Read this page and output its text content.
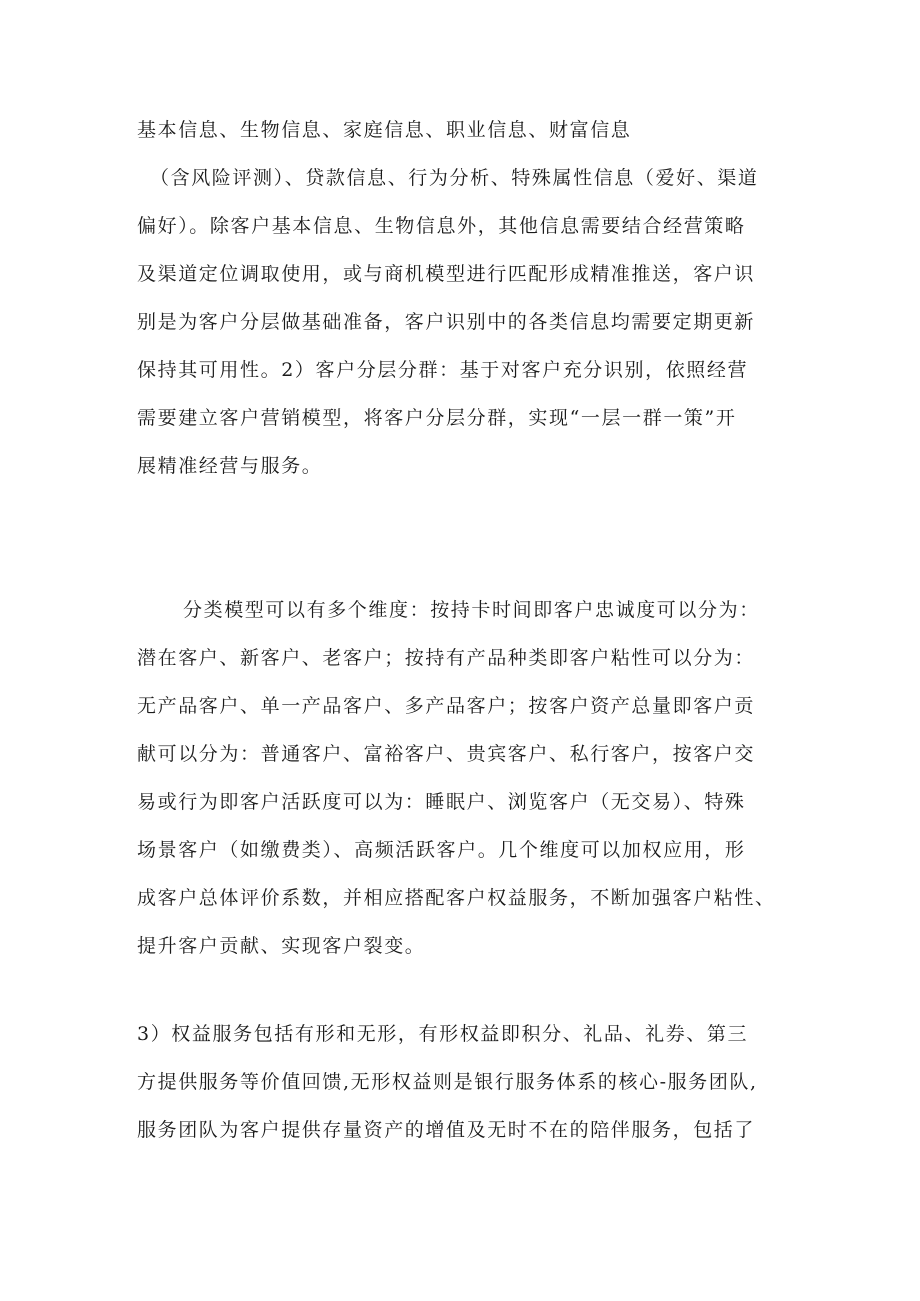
基本信息、生物信息、家庭信息、职业信息、财富信息
（含风险评测）、贷款信息、行为分析、特殊属性信息（爱好、渠道
偏好）。除客户基本信息、生物信息外，其他信息需要结合经营策略
及渠道定位调取使用，或与商机模型进行匹配形成精准推送，客户识
别是为客户分层做基础准备，客户识别中的各类信息均需要定期更新
保持其可用性。2）客户分层分群：基于对客户充分识别，依照经营
需要建立客户营销模型，将客户分层分群，实现“一层一群一策”开
展精准经营与服务。
分类模型可以有多个维度：按持卡时间即客户忠诚度可以分为：
潜在客户、新客户、老客户；按持有产品种类即客户粘性可以分为：
无产品客户、单一产品客户、多产品客户；按客户资产总量即客户贡
献可以分为：普通客户、富裕客户、贵宾客户、私行客户，按客户交
易或行为即客户活跃度可以为：睡眠户、浏览客户（无交易）、特殊
场景客户（如缴费类）、高频活跃客户。几个维度可以加权应用，形
成客户总体评价系数，并相应搭配客户权益服务，不断加强客户粘性、
提升客户贡献、实现客户裂变。
3）权益服务包括有形和无形，有形权益即积分、礼品、礼券、第三
方提供服务等价值回馈,无形权益则是银行服务体系的核心-服务团队,
服务团队为客户提供存量资产的增值及无时不在的陪伴服务，包括了
